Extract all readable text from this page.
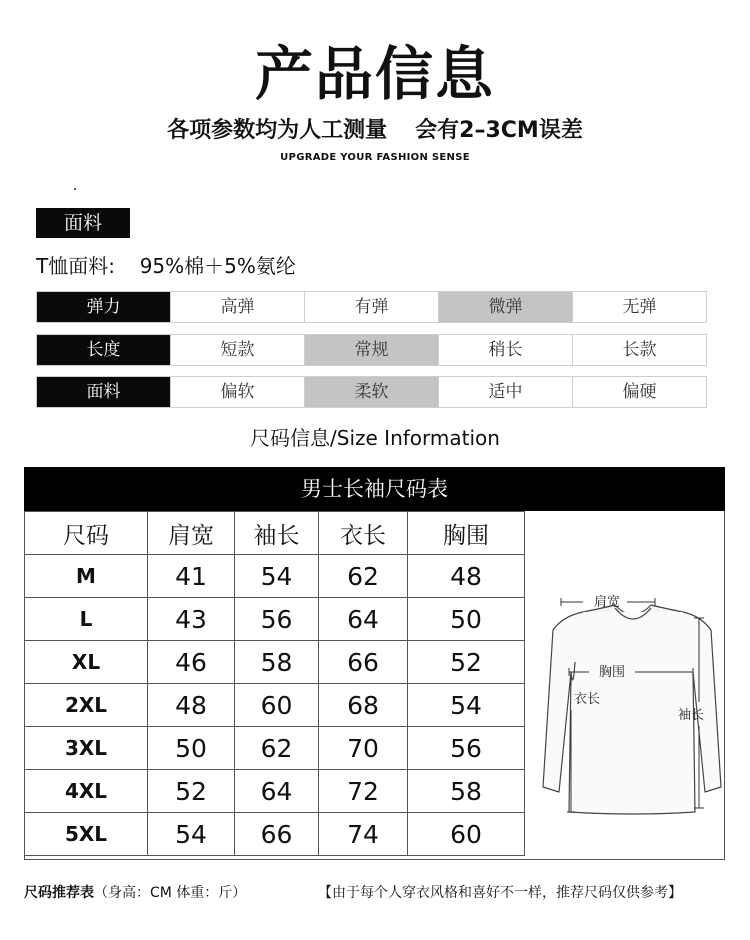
产品信息
各项参数均为人工测量 会有2–3CM误差
UPGRADE YOUR FASHION SENSE
面料
T恤面料: 95%棉＋5%氨纶
弹力	高弹	有弹	微弹	无弹
长度	短款	常规	稍长	长款
面料	偏软	柔软	适中	偏硬
尺码信息/Size Information
男士长袖尺码表
尺码	肩宽	袖长	衣长	胸围
M	41	54	62	48
L	43	56	64	50
XL	46	58	66	52
2XL	48	60	68	54
3XL	50	62	70	56
4XL	52	64	72	58
5XL	54	66	74	60
肩宽
胸围
衣长
袖长
尺码推荐表（身高：CM 体重：斤）	【由于每个人穿衣风格和喜好不一样，推荐尺码仅供参考】
